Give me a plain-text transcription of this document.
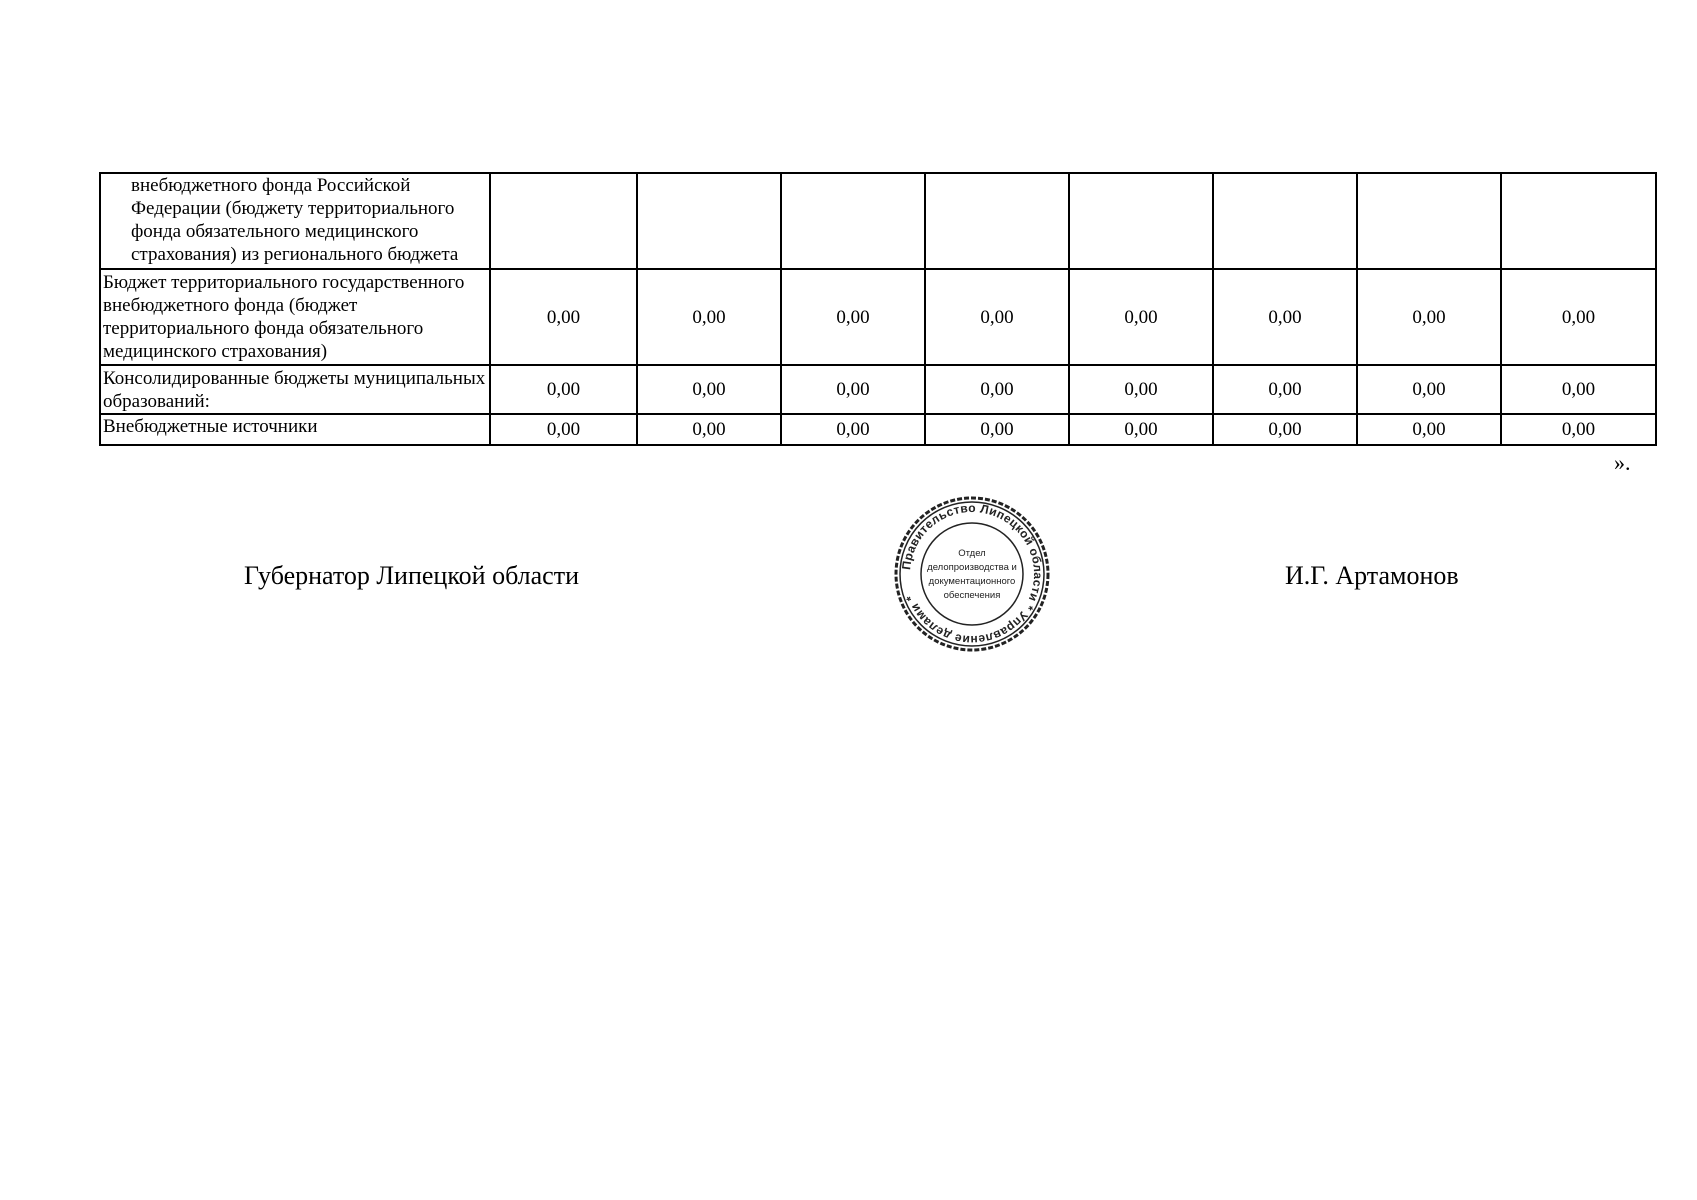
внебюджетного фонда Российской Федерации (бюджету территориального фонда обязательного медицинского страхования) из регионального бюджета								
Бюджет территориального государственного внебюджетного фонда (бюджет территориального фонда обязательного медицинского страхования)	0,00	0,00	0,00	0,00	0,00	0,00	0,00	0,00
Консолидированные бюджеты муниципальных образований:	0,00	0,00	0,00	0,00	0,00	0,00	0,00	0,00
Внебюджетные источники	0,00	0,00	0,00	0,00	0,00	0,00	0,00	0,00
».
Губернатор Липецкой области	И.Г. Артамонов
Правительство Липецкой области * Управление делами *
Отдел
делопроизводства и
документационного
обеспечения
